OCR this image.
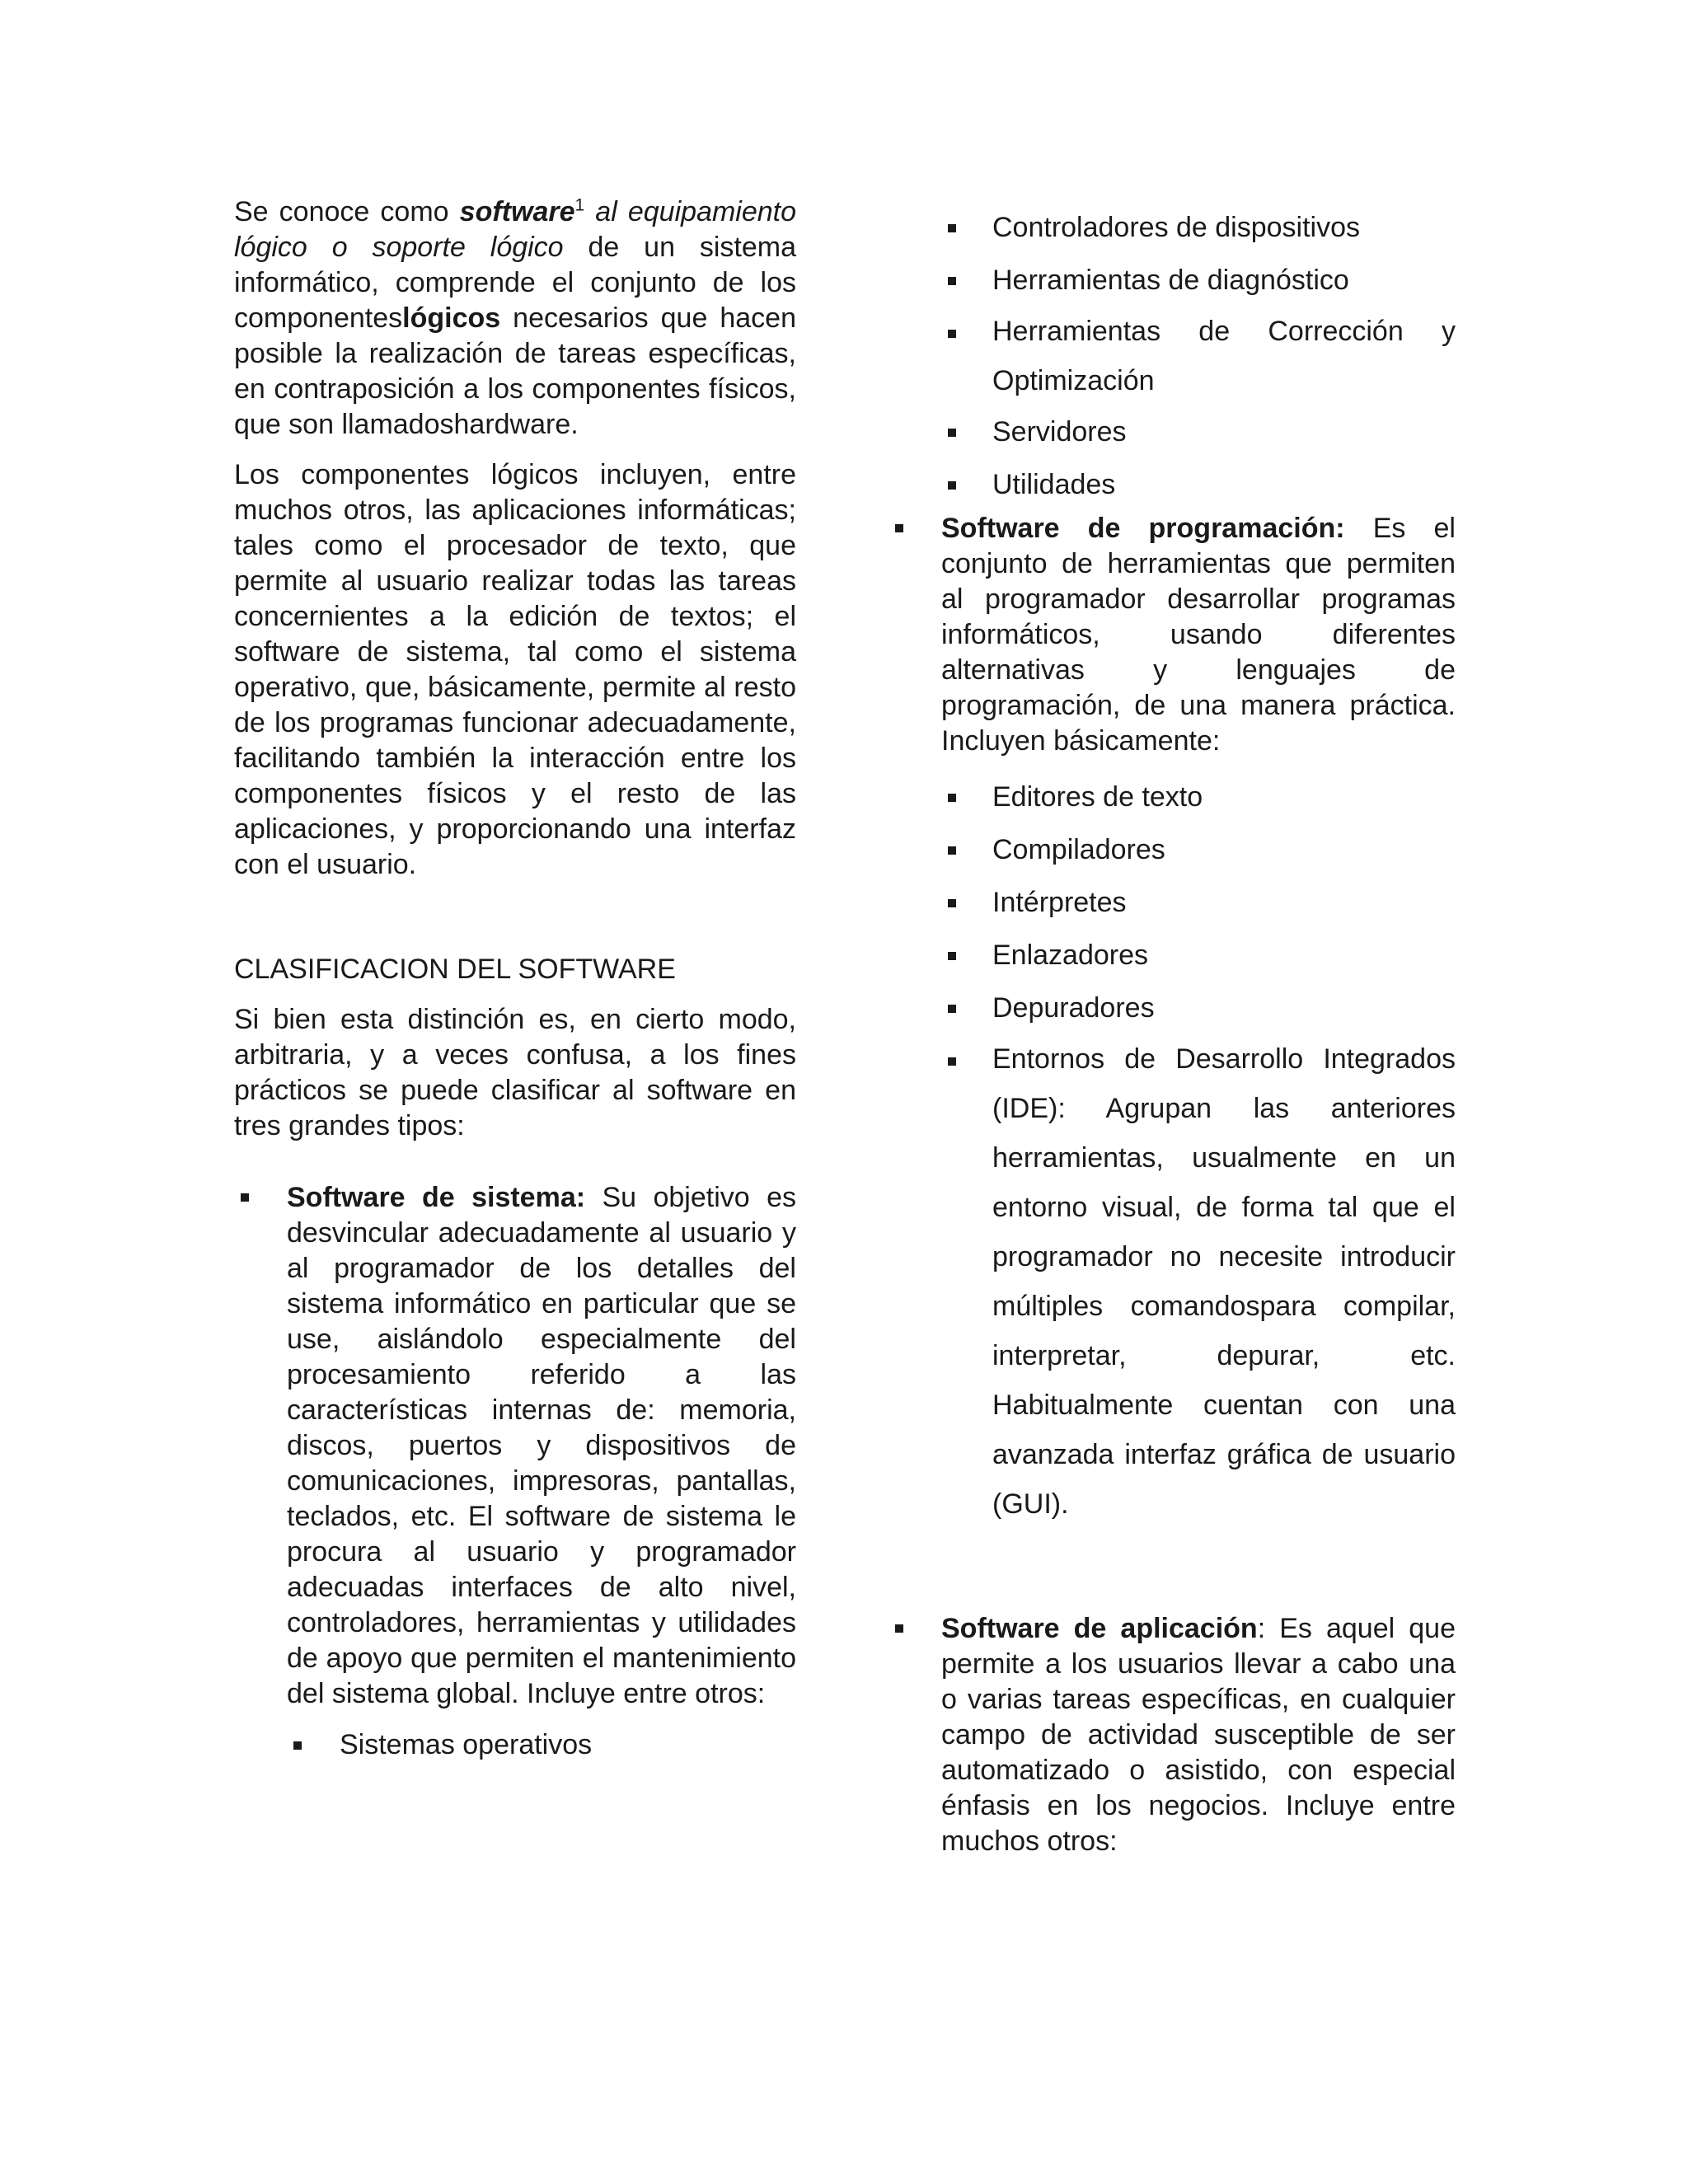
Se conoce como software$^1$ al equipamiento lógico o soporte lógico de un sistema informático, comprende el conjunto de los componenteslógicos necesarios que hacen posible la realización de tareas específicas, en contraposición a los componentes físicos, que son llamadoshardware.

Los componentes lógicos incluyen, entre muchos otros, las aplicaciones informáticas; tales como el procesador de texto, que permite al usuario realizar todas las tareas concernientes a la edición de textos; el software de sistema, tal como el sistema operativo, que, básicamente, permite al resto de los programas funcionar adecuadamente, facilitando también la interacción entre los componentes físicos y el resto de las aplicaciones, y proporcionando una interfaz con el usuario.

CLASIFICACION DEL SOFTWARE

Si bien esta distinción es, en cierto modo, arbitraria, y a veces confusa, a los fines prácticos se puede clasificar al software en tres grandes tipos:

Software de sistema: Su objetivo es desvincular adecuadamente al usuario y al programador de los detalles del sistema informático en particular que se use, aislándolo especialmente del procesamiento referido a las características internas de: memoria, discos, puertos y dispositivos de comunicaciones, impresoras, pantallas, teclados, etc. El software de sistema le procura al usuario y programador adecuadas interfaces de alto nivel, controladores, herramientas y utilidades de apoyo que permiten el mantenimiento del sistema global. Incluye entre otros:
Sistemas operativos
Controladores de dispositivos
Herramientas de diagnóstico
Herramientas de Corrección y Optimización
Servidores
Utilidades
Software de programación: Es el conjunto de herramientas que permiten al programador desarrollar programas informáticos, usando diferentes alternativas y lenguajes de programación, de una manera práctica. Incluyen básicamente:
Editores de texto
Compiladores
Intérpretes
Enlazadores
Depuradores
Entornos de Desarrollo Integrados (IDE): Agrupan las anteriores herramientas, usualmente en un entorno visual, de forma tal que el programador no necesite introducir múltiples comandospara compilar, interpretar, depurar, etc. Habitualmente cuentan con una avanzada interfaz gráfica de usuario (GUI).
Software de aplicación: Es aquel que permite a los usuarios llevar a cabo una o varias tareas específicas, en cualquier campo de actividad susceptible de ser automatizado o asistido, con especial énfasis en los negocios. Incluye entre muchos otros:
